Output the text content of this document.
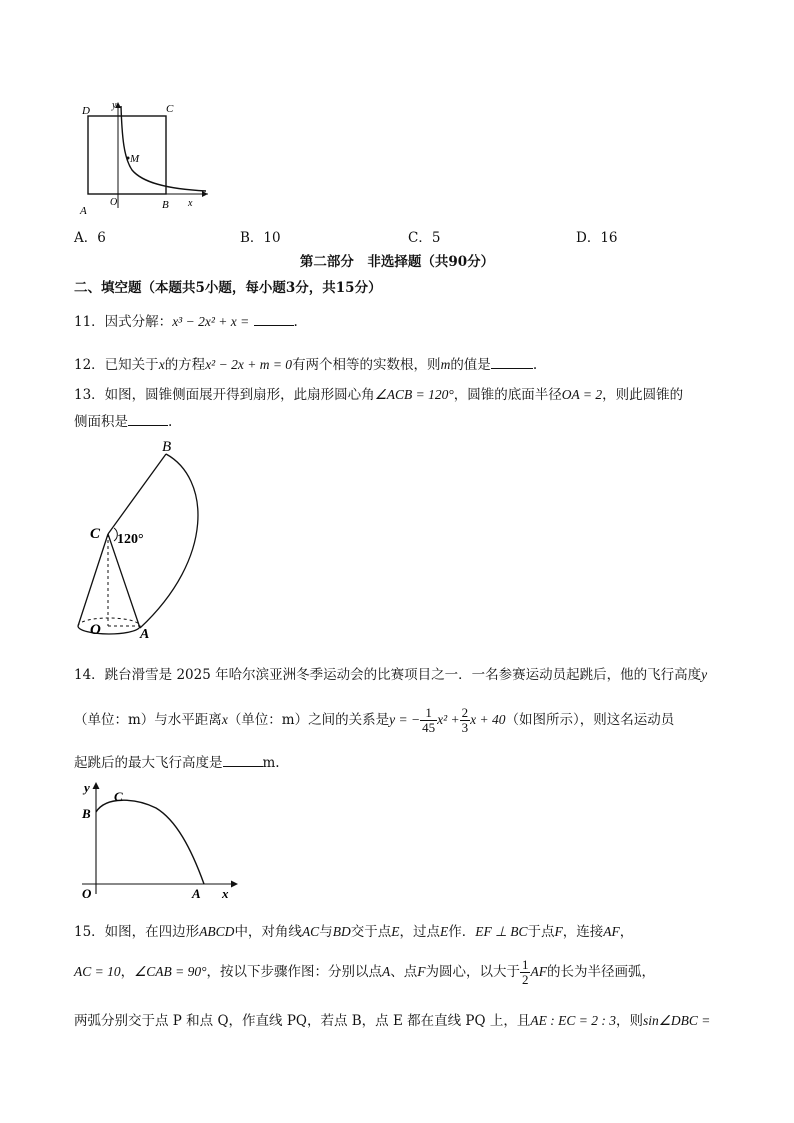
D	C
A
O	B
M
y
x
A．6	B．10	C．5	D．16
第二部分　非选择题（共90分）
二、填空题（本题共5小题，每小题3分，共15分）
11．因式分解：x³ − 2x² + x =	.
12．已知关于x的方程x² − 2x + m = 0有两个相等的实数根，则m的值是	.
13．如图，圆锥侧面展开得到扇形，此扇形圆心角∠ACB = 120°，圆锥的底面半径OA = 2，则此圆锥的
侧面积是	.
B
C 120°
O	A
14．跳台滑雪是 2025 年哈尔滨亚洲冬季运动会的比赛项目之一．一名参赛运动员起跳后，他的飞行高度y
（单位：m）与水平距离x（单位：m）之间的关系是y = − $\frac{1}{45} x^2 + \frac{2}{3}$ x + 40（如图所示），则这名运动员
起跳后的最大飞行高度是	m.
y
B
C
O	A x
15．如图，在四边形ABCD中，对角线AC与BD交于点E，过点E作．EF ⊥ BC于点F，连接AF，
AC = 10，∠CAB = 90°，按以下步骤作图：分别以点A、点F为圆心，以大于 $\frac{1}{2}$ AF的长为半径画弧，
两弧分别交于点 P 和点 Q，作直线 PQ，若点 B，点 E 都在直线 PQ 上，且AE : EC = 2 : 3，则sin∠DBC =
